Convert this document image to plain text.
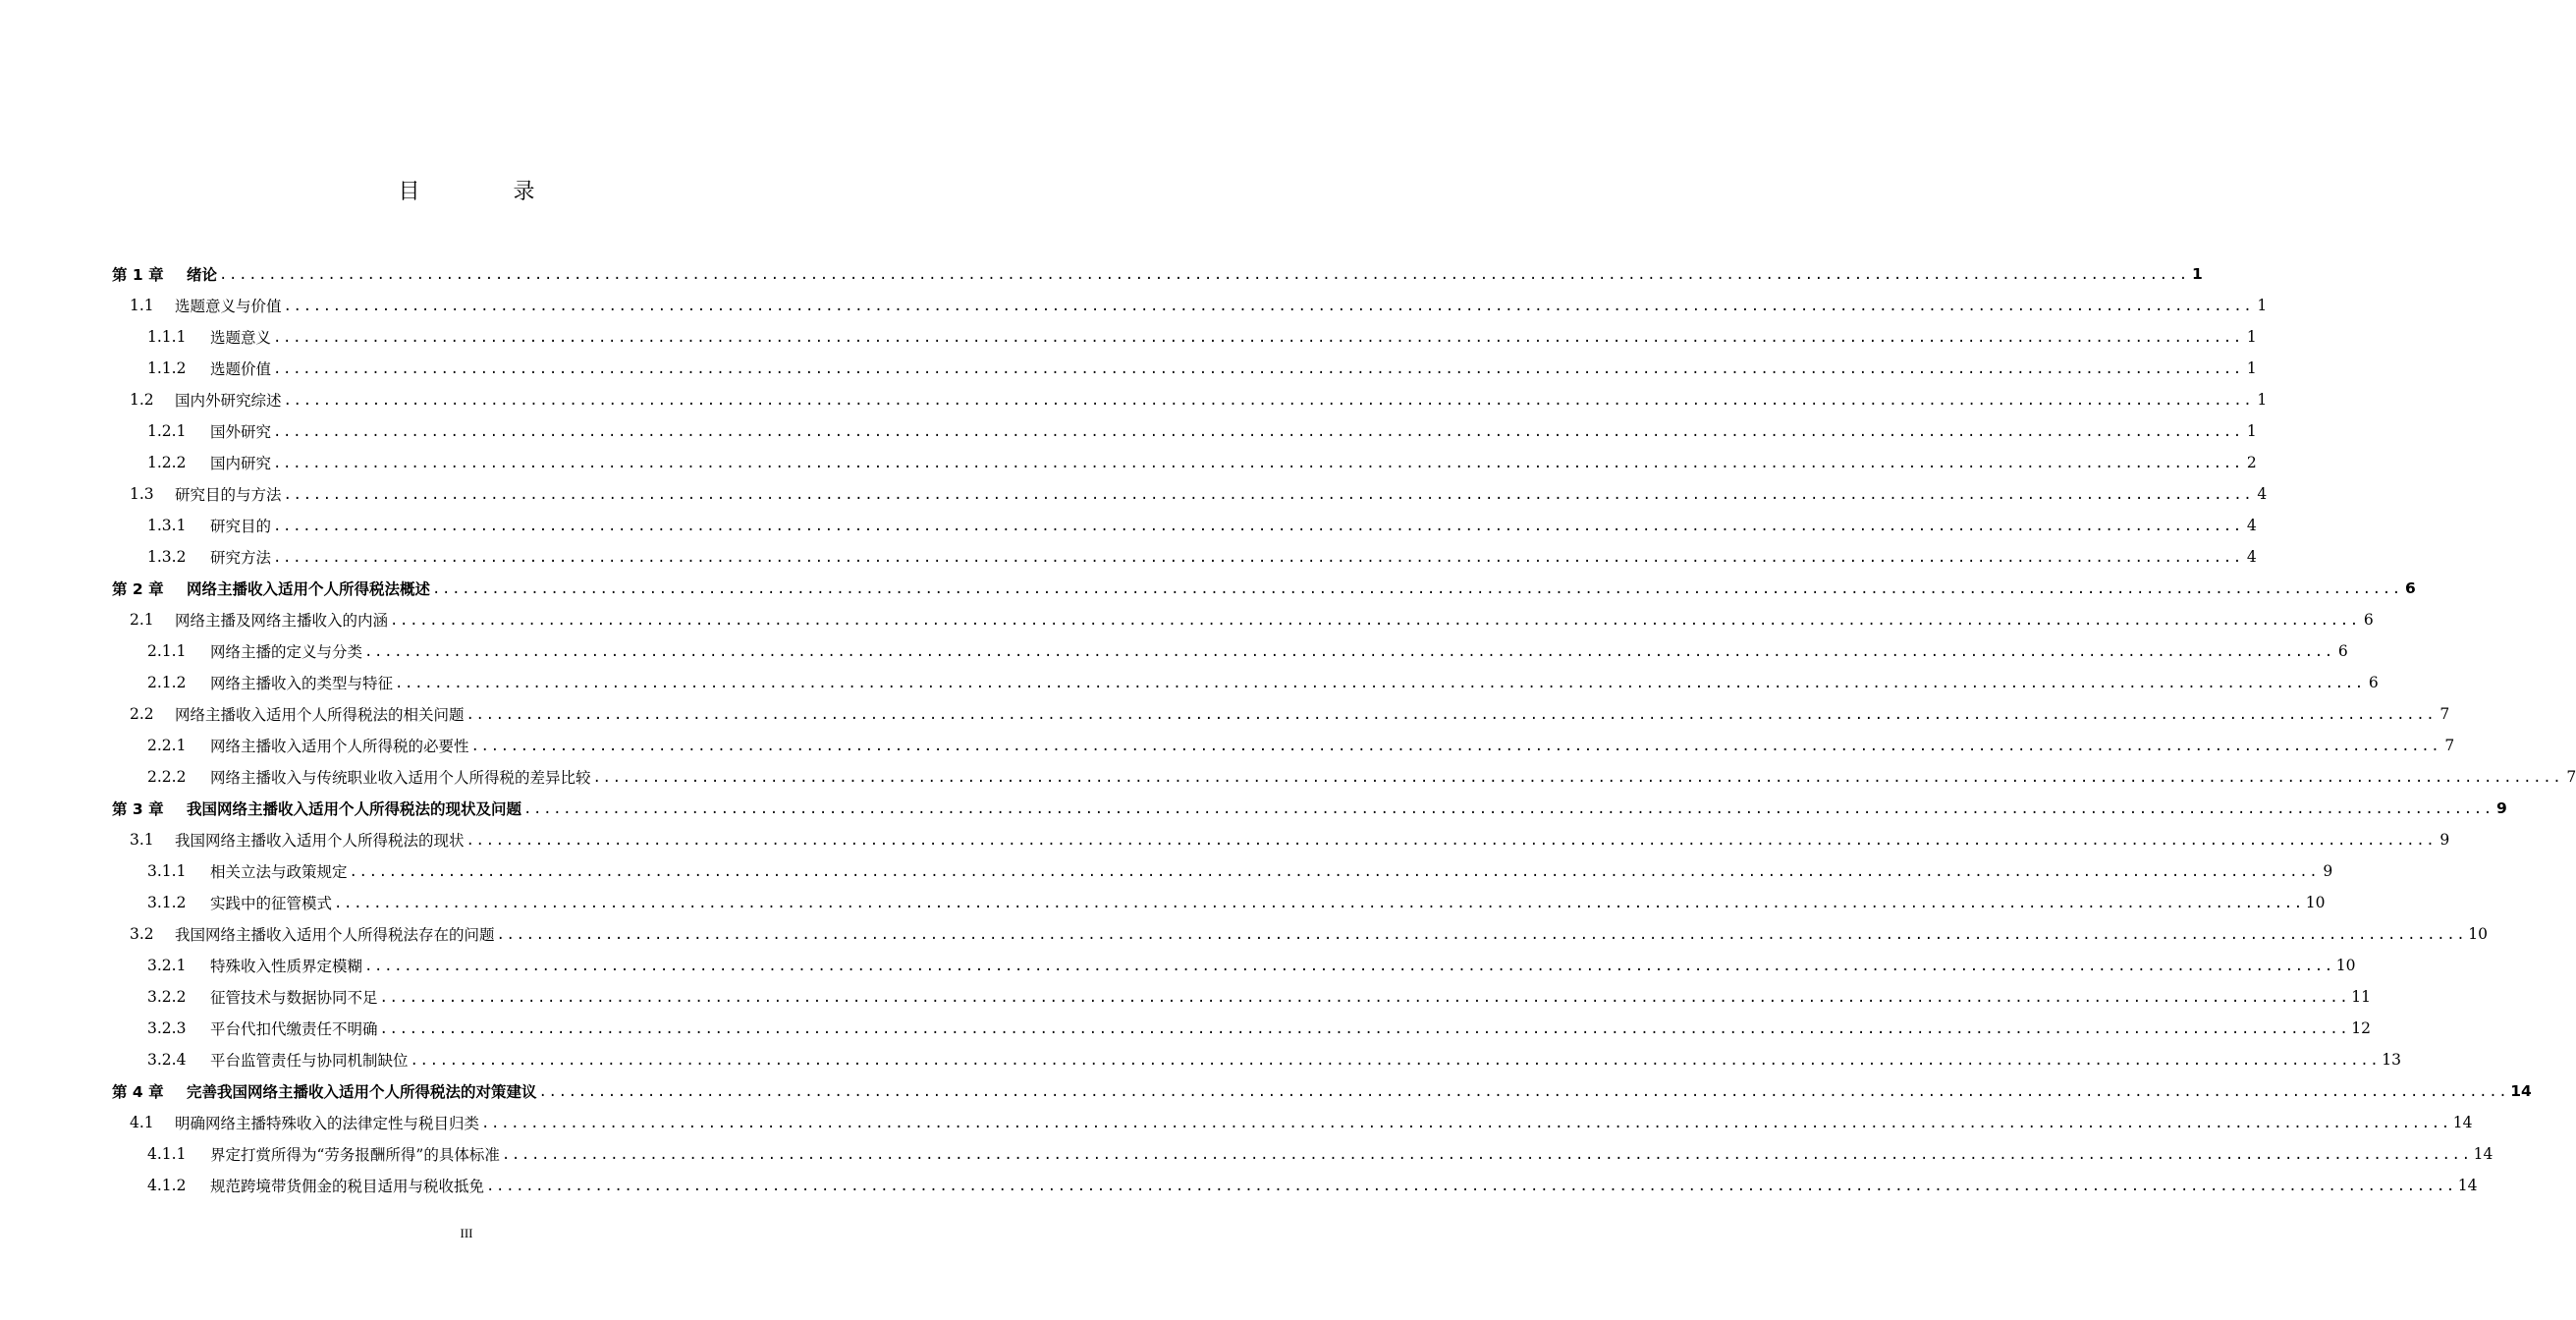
目 录
第 1 章	绪论 ........................................................................................................................................................................................................ 1
1.1	选题意义与价值 ........................................................................................................................................................................................................ 1
1.1.1	选题意义 ........................................................................................................................................................................................................ 1
1.1.2	选题价值 ........................................................................................................................................................................................................ 1
1.2	国内外研究综述 ........................................................................................................................................................................................................ 1
1.2.1	国外研究 ........................................................................................................................................................................................................ 1
1.2.2	国内研究 ........................................................................................................................................................................................................ 2
1.3	研究目的与方法 ........................................................................................................................................................................................................ 4
1.3.1	研究目的 ........................................................................................................................................................................................................ 4
1.3.2	研究方法 ........................................................................................................................................................................................................ 4
第 2 章	网络主播收入适用个人所得税法概述 ........................................................................................................................................................................................................ 6
2.1	网络主播及网络主播收入的内涵 ........................................................................................................................................................................................................ 6
2.1.1	网络主播的定义与分类 ........................................................................................................................................................................................................ 6
2.1.2	网络主播收入的类型与特征 ........................................................................................................................................................................................................ 6
2.2	网络主播收入适用个人所得税法的相关问题 ........................................................................................................................................................................................................ 7
2.2.1	网络主播收入适用个人所得税的必要性 ........................................................................................................................................................................................................ 7
2.2.2	网络主播收入与传统职业收入适用个人所得税的差异比较 ........................................................................................................................................................................................................ 7
第 3 章	我国网络主播收入适用个人所得税法的现状及问题 ........................................................................................................................................................................................................ 9
3.1	我国网络主播收入适用个人所得税法的现状 ........................................................................................................................................................................................................ 9
3.1.1	相关立法与政策规定 ........................................................................................................................................................................................................ 9
3.1.2	实践中的征管模式 ........................................................................................................................................................................................................ 10
3.2	我国网络主播收入适用个人所得税法存在的问题 ........................................................................................................................................................................................................ 10
3.2.1	特殊收入性质界定模糊 ........................................................................................................................................................................................................ 10
3.2.2	征管技术与数据协同不足 ........................................................................................................................................................................................................ 11
3.2.3	平台代扣代缴责任不明确 ........................................................................................................................................................................................................ 12
3.2.4	平台监管责任与协同机制缺位 ........................................................................................................................................................................................................ 13
第 4 章	完善我国网络主播收入适用个人所得税法的对策建议 ........................................................................................................................................................................................................ 14
4.1	明确网络主播特殊收入的法律定性与税目归类 ........................................................................................................................................................................................................ 14
4.1.1	界定打赏所得为“劳务报酬所得”的具体标准 ........................................................................................................................................................................................................ 14
4.1.2	规范跨境带货佣金的税目适用与税收抵免 ........................................................................................................................................................................................................ 14
III
